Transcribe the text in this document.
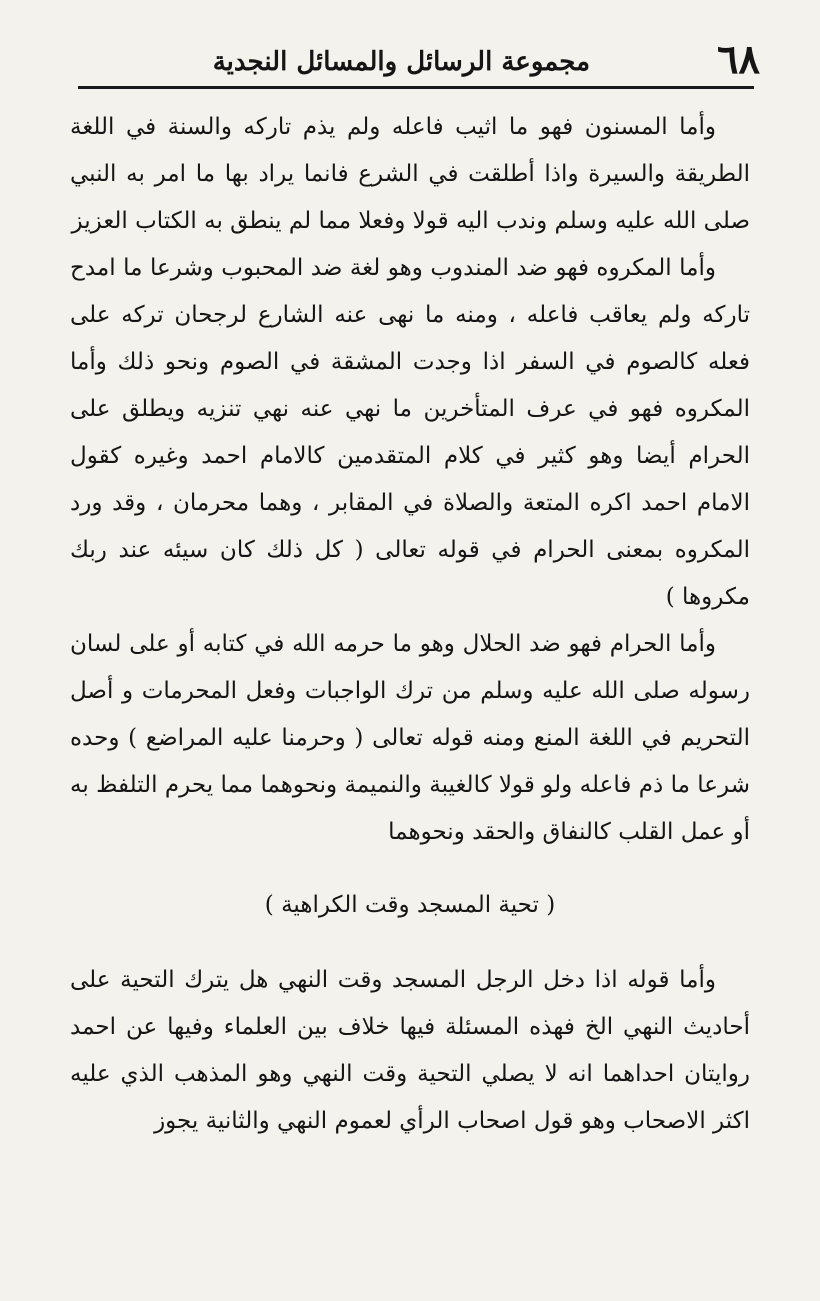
٦٨
مجموعة الرسائل والمسائل النجدية

وأما المسنون فهو ما اثيب فاعله ولم يذم تاركه والسنة في اللغة الطريقة والسيرة واذا أطلقت في الشرع فانما يراد بها ما امر به النبي صلى الله عليه وسلم وندب اليه قولا وفعلا مما لم ينطق به الكتاب العزيز

وأما المكروه فهو ضد المندوب وهو لغة ضد المحبوب وشرعا ما امدح تاركه ولم يعاقب فاعله ، ومنه ما نهى عنه الشارع لرجحان تركه على فعله كالصوم في السفر اذا وجدت المشقة في الصوم ونحو ذلك وأما المكروه فهو في عرف المتأخرين ما نهي عنه نهي تنزيه ويطلق على الحرام أيضا وهو كثير في كلام المتقدمين كالامام احمد وغيره كقول الامام احمد اكره المتعة والصلاة في المقابر ، وهما محرمان ، وقد ورد المكروه بمعنى الحرام في قوله تعالى ( كل ذلك كان سيئه عند ربك مكروها )

وأما الحرام فهو ضد الحلال وهو ما حرمه الله في كتابه أو على لسان رسوله صلى الله عليه وسلم من ترك الواجبات وفعل المحرمات و أصل التحريم في اللغة المنع ومنه قوله تعالى ( وحرمنا عليه المراضع ) وحده شرعا ما ذم فاعله ولو قولا كالغيبة والنميمة ونحوهما مما يحرم التلفظ به أو عمل القلب كالنفاق والحقد ونحوهما

( تحية المسجد وقت الكراهية )

وأما قوله اذا دخل الرجل المسجد وقت النهي هل يترك التحية على أحاديث النهي الخ فهذه المسئلة فيها خلاف بين العلماء وفيها عن احمد روايتان احداهما انه لا يصلي التحية وقت النهي وهو المذهب الذي عليه اكثر الاصحاب وهو قول اصحاب الرأي لعموم النهي والثانية يجوز
